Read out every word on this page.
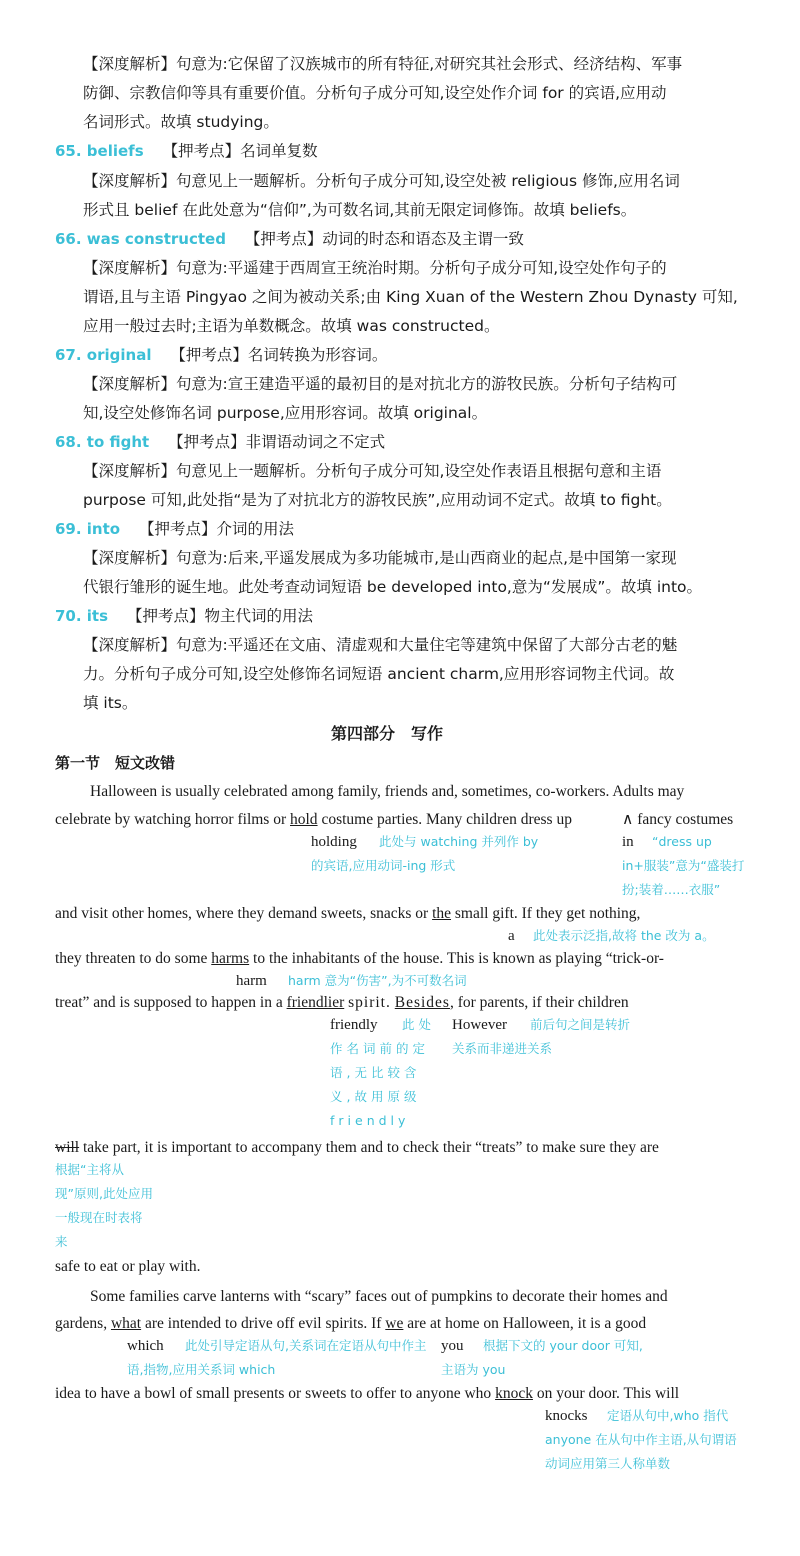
【深度解析】句意为:它保留了汉族城市的所有特征,对研究其社会形式、经济结构、军事
防御、宗教信仰等具有重要价值。分析句子成分可知,设空处作介词 for 的宾语,应用动
名词形式。故填 studying。
65. beliefs 【押考点】名词单复数
【深度解析】句意见上一题解析。分析句子成分可知,设空处被 religious 修饰,应用名词
形式且 belief 在此处意为“信仰”,为可数名词,其前无限定词修饰。故填 beliefs。
66. was constructed 【押考点】动词的时态和语态及主谓一致
【深度解析】句意为:平遥建于西周宣王统治时期。分析句子成分可知,设空处作句子的
谓语,且与主语 Pingyao 之间为被动关系;由 King Xuan of the Western Zhou Dynasty 可知,
应用一般过去时;主语为单数概念。故填 was constructed。
67. original 【押考点】名词转换为形容词。
【深度解析】句意为:宣王建造平遥的最初目的是对抗北方的游牧民族。分析句子结构可
知,设空处修饰名词 purpose,应用形容词。故填 original。
68. to fight 【押考点】非谓语动词之不定式
【深度解析】句意见上一题解析。分析句子成分可知,设空处作表语且根据句意和主语
purpose 可知,此处指“是为了对抗北方的游牧民族”,应用动词不定式。故填 to fight。
69. into 【押考点】介词的用法
【深度解析】句意为:后来,平遥发展成为多功能城市,是山西商业的起点,是中国第一家现
代银行雏形的诞生地。此处考查动词短语 be developed into,意为“发展成”。故填 into。
70. its 【押考点】物主代词的用法
【深度解析】句意为:平遥还在文庙、清虚观和大量住宅等建筑中保留了大部分古老的魅
力。分析句子成分可知,设空处修饰名词短语 ancient charm,应用形容词物主代词。故
填 its。
第四部分　写作
第一节　短文改错
Halloween is usually celebrated among family, friends and, sometimes, co-workers. Adults may
celebrate by watching horror films or hold costume parties. Many children dress up	∧ fancy costumes
holding	此处与 watching 并列作 by 的宾语,应用动词-ing 形式
in	“dress up in+服装”意为“盛装打扮;装着……衣服”
and visit other homes, where they demand sweets, snacks or the small gift. If they get nothing,
a 此处表示泛指,故将 the 改为 a。
they threaten to do some harms to the inhabitants of the house. This is known as playing “trick-or-
harm harm 意为“伤害”,为不可数名词
treat” and is supposed to happen in a friendlier spirit. Besides, for parents, if their children
friendly	此处作名词前的定语,无比较含义,故用原级 friendly
However	前后句之间是转折关系而非递进关系
will take part, it is important to accompany them and to check their “treats” to make sure they are
根据“主将从现”原则,此处应用一般现在时表将来
safe to eat or play with.
Some families carve lanterns with “scary” faces out of pumpkins to decorate their homes and
gardens, what are intended to drive off evil spirits. If we are at home on Halloween, it is a good
which	此处引导定语从句,关系词在定语从句中作主语,指物,应用关系词 which
you	根据下文的 your door 可知,主语为 you
idea to have a bowl of small presents or sweets to offer to anyone who knock on your door. This will
knocks	定语从句中,who 指代 anyone 在从句中作主语,从句谓语动词应用第三人称单数
